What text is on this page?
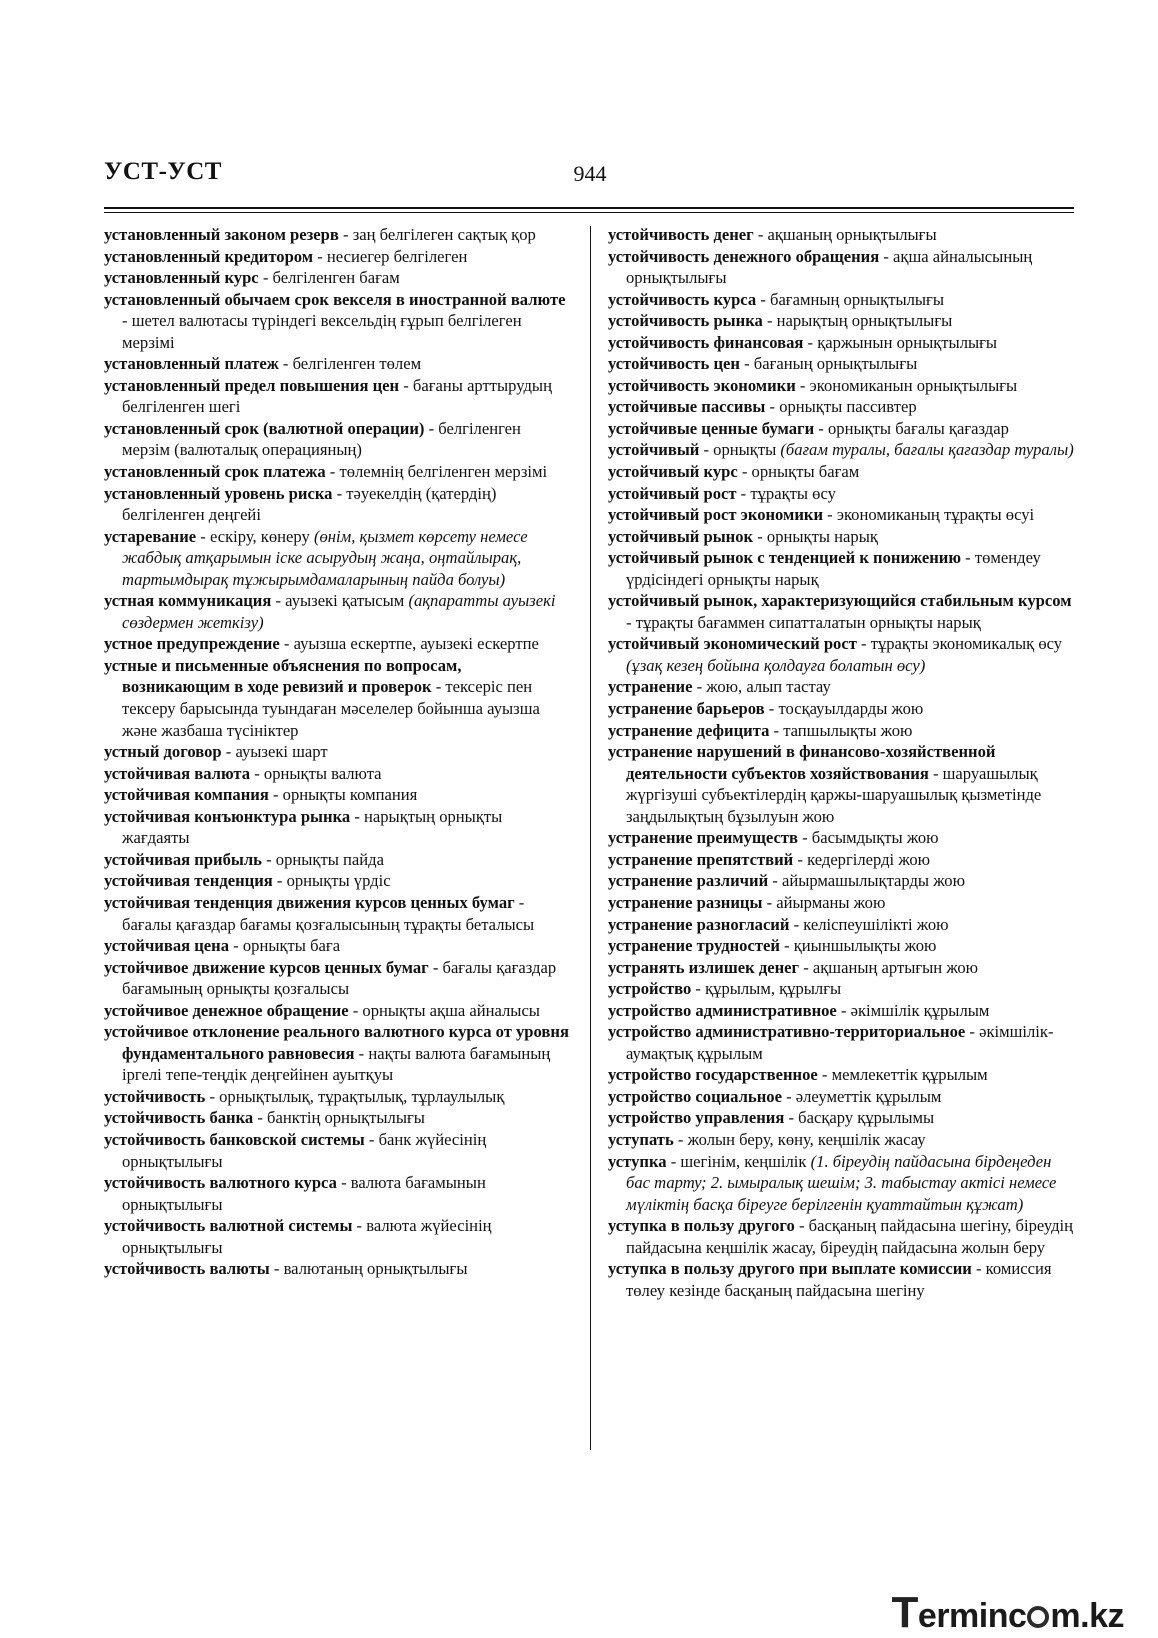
УСТ-УСТ	944

установленный законом резерв - заң белгілеген сақтық қор

установленный кредитором - несиегер белгілеген

установленный курс - белгіленген бағам

установленный обычаем срок векселя в иностранной валюте - шетел валютасы түріндегі вексельдің ғұрып белгілеген мерзімі

установленный платеж - белгіленген төлем

установленный предел повышения цен - бағаны арттырудың белгіленген шегі

установленный срок (валютной операции) - белгіленген мерзім (валюталық операцияның)

установленный срок платежа - төлемнің белгіленген мерзімі

установленный уровень риска - тәуекелдің (қатердің) белгіленген деңгейі

устаревание - ескіру, көнеру (өнім, қызмет көрсету немесе жабдық атқарымын іске асырудың жаңа, оңтайлырақ, тартымдырақ тұжырымдамаларының пайда болуы)

устная коммуникация - ауызекі қатысым (ақпаратты ауызекі сөздермен жеткізу)

устное предупреждение - ауызша ескертпе, ауызекі ескертпе

устные и письменные объяснения по вопросам, возникающим в ходе ревизий и проверок - тексеріс пен тексеру барысында туындаған мәселелер бойынша ауызша және жазбаша түсініктер

устный договор - ауызекі шарт

устойчивая валюта - орнықты валюта

устойчивая компания - орнықты компания

устойчивая конъюнктура рынка - нарықтың орнықты жағдаяты

устойчивая прибыль - орнықты пайда

устойчивая тенденция - орнықты үрдіс

устойчивая тенденция движения курсов ценных бумаг - бағалы қағаздар бағамы қозғалысының тұрақты беталысы

устойчивая цена - орнықты баға

устойчивое движение курсов ценных бумаг - бағалы қағаздар бағамының орнықты қозғалысы

устойчивое денежное обращение - орнықты ақша айналысы

устойчивое отклонение реального валютного курса от уровня фундаментального равновесия - нақты валюта бағамының іргелі тепе-теңдік деңгейінен ауытқуы

устойчивость - орнықтылық, тұрақтылық, тұрлаулылық

устойчивость банка - банктің орнықтылығы

устойчивость банковской системы - банк жүйесінің орнықтылығы

устойчивость валютного курса - валюта бағамынын орнықтылығы

устойчивость валютной системы - валюта жүйесінің орнықтылығы

устойчивость валюты - валютаның орнықтылығы

устойчивость денег - ақшаның орнықтылығы

устойчивость денежного обращения - ақша айналысының орнықтылығы

устойчивость курса - бағамның орнықтылығы

устойчивость рынка - нарықтың орнықтылығы

устойчивость финансовая - қаржынын орнықтылығы

устойчивость цен - бағаның орнықтылығы

устойчивость экономики - экономиканын орнықтылығы

устойчивые пассивы - орнықты пассивтер

устойчивые ценные бумаги - орнықты бағалы қағаздар

устойчивый - орнықты (бағам туралы, бағалы қағаздар туралы)

устойчивый курс - орнықты бағам

устойчивый рост - тұрақты өсу

устойчивый рост экономики - экономиканың тұрақты өсуі

устойчивый рынок - орнықты нарық

устойчивый рынок с тенденцией к понижению - төмендеу үрдісіндегі орнықты нарық

устойчивый рынок, характеризующийся стабильным курсом - тұрақты бағаммен сипатталатын орнықты нарық

устойчивый экономический рост - тұрақты экономикалық өсу (ұзақ кезең бойына қолдауға болатын өсу)

устранение - жою, алып тастау

устранение барьеров - тосқауылдарды жою

устранение дефицита - тапшылықты жою

устранение нарушений в финансово-хозяйственной деятельности субъектов хозяйствования - шаруашылық жүргізуші субъектілердің қаржы-шаруашылық қызметінде заңдылықтың бұзылуын жою

устранение преимуществ - басымдықты жою

устранение препятствий - кедергілерді жою

устранение различий - айырмашылықтарды жою

устранение разницы - айырманы жою

устранение разногласий - келіспеушілікті жою

устранение трудностей - қиыншылықты жою

устранять излишек денег - ақшаның артығын жою

устройство - құрылым, құрылғы

устройство административное - әкімшілік құрылым

устройство административно-территориальное - әкімшілік-аумақтық құрылым

устройство государственное - мемлекеттік құрылым

устройство социальное - әлеуметтік құрылым

устройство управления - басқару құрылымы

уступать - жолын беру, көну, кеңшілік жасау

уступка - шегінім, кеңшілік (1. біреудің пайдасына бірдеңеден бас тарту; 2. ымыралық шешім; 3. табыстау актісі немесе мүліктің басқа біреуге берілгенін қуаттайтын құжат)

уступка в пользу другого - басқаның пайдасына шегіну, біреудің пайдасына кеңшілік жасау, біреудің пайдасына жолын беру

уступка в пользу другого при выплате комиссии - комиссия төлеу кезінде басқаның пайдасына шегіну

Terminc m.kz
